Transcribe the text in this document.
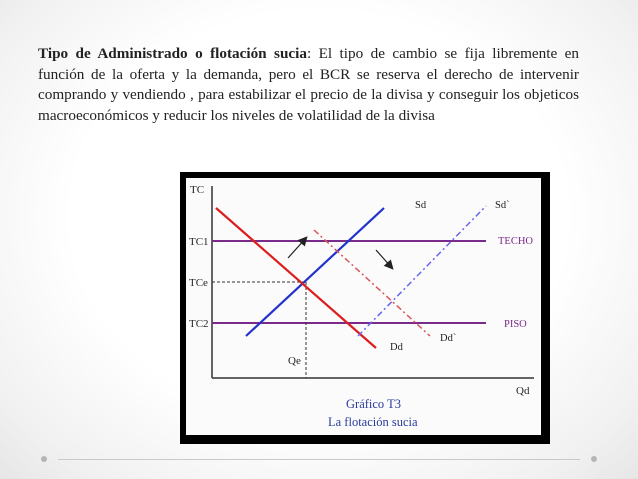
Tipo de Administrado o flotación sucia: El tipo de cambio se fija libremente en función de la oferta y la demanda, pero el BCR se reserva el derecho de intervenir comprando y vendiendo , para estabilizar el precio de la divisa y conseguir los objeticos macroeconómicos y reducir los niveles de volatilidad de la divisa
TC
Qd
TC1
TCe
TC2
Qe
TECHO
PISO
Sd
Dd
Sd`
Dd`
Gráfico T3
La flotación sucia
